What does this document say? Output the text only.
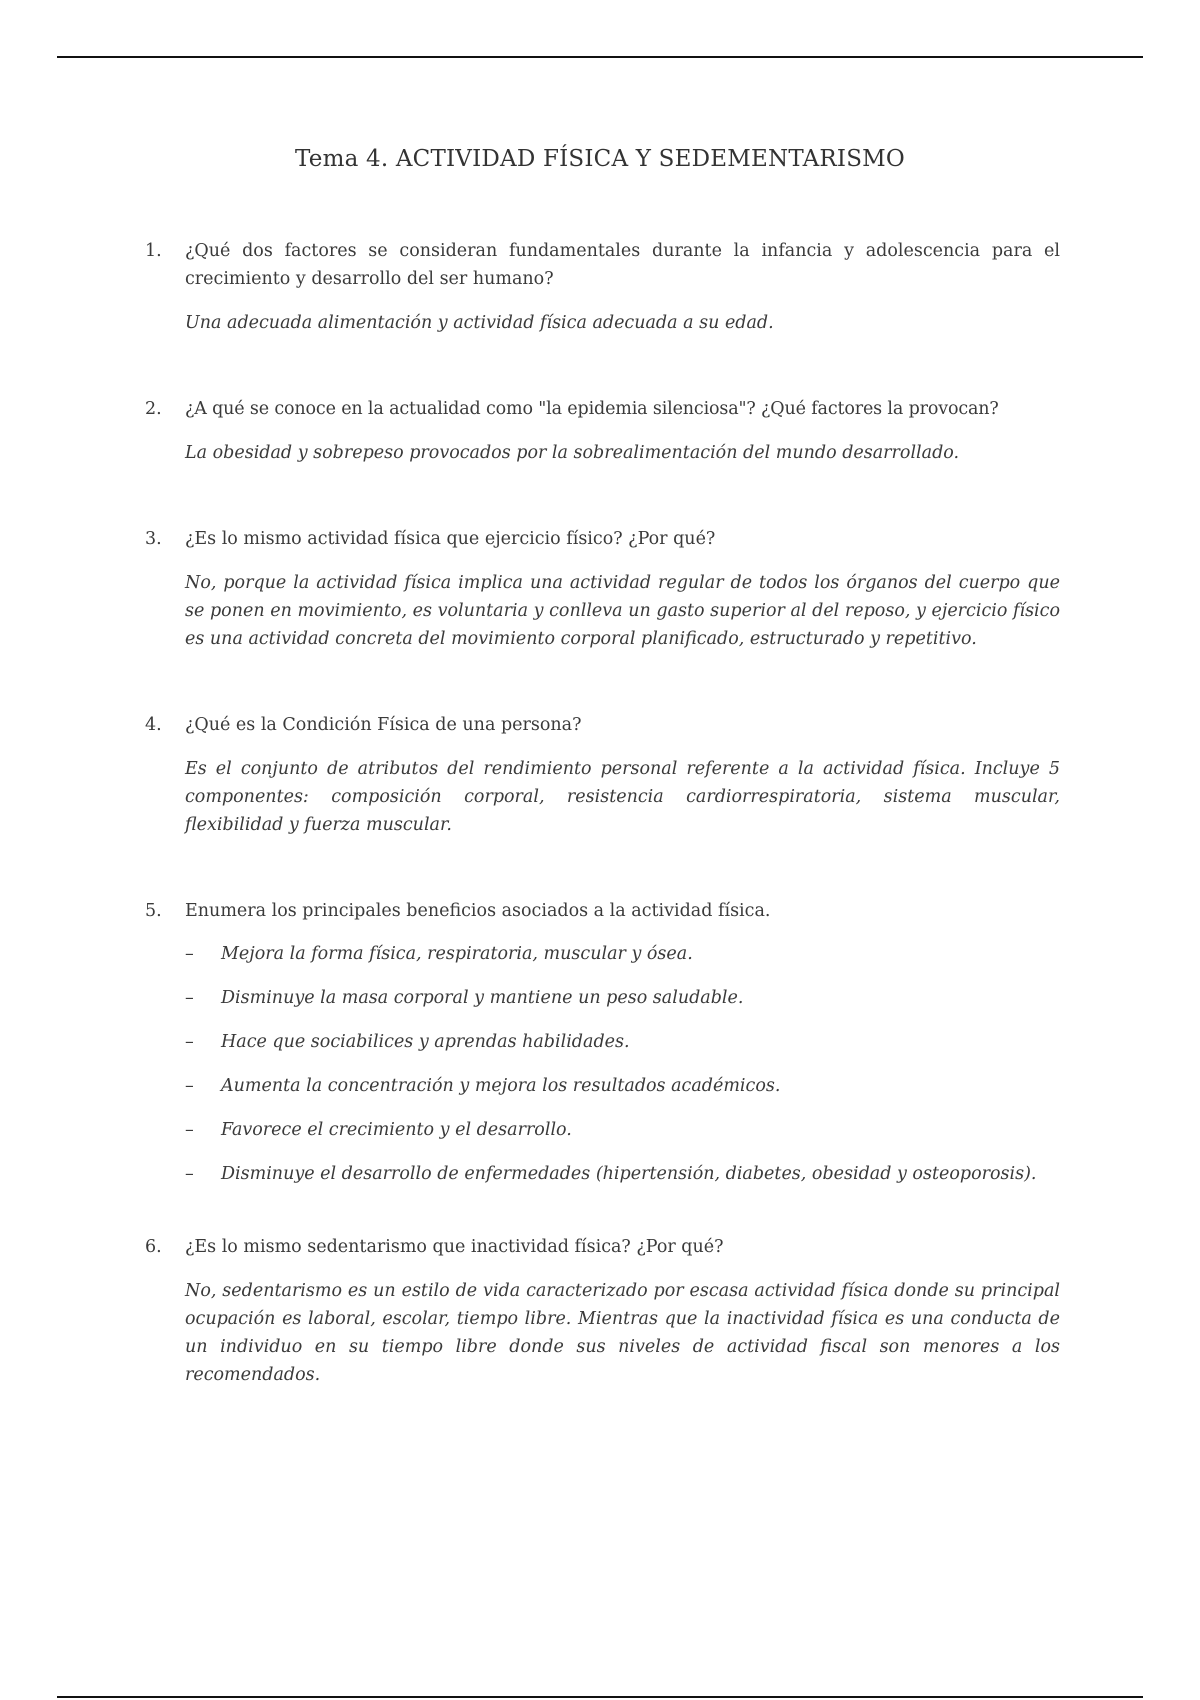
Tema 4. ACTIVIDAD FÍSICA Y SEDEMENTARISMO
1. ¿Qué dos factores se consideran fundamentales durante la infancia y adolescencia para el crecimiento y desarrollo del ser humano?
Una adecuada alimentación y actividad física adecuada a su edad.
2. ¿A qué se conoce en la actualidad como "la epidemia silenciosa"? ¿Qué factores la provocan?
La obesidad y sobrepeso provocados por la sobrealimentación del mundo desarrollado.
3. ¿Es lo mismo actividad física que ejercicio físico? ¿Por qué?
No, porque la actividad física implica una actividad regular de todos los órganos del cuerpo que se ponen en movimiento, es voluntaria y conlleva un gasto superior al del reposo, y ejercicio físico es una actividad concreta del movimiento corporal planificado, estructurado y repetitivo.
4. ¿Qué es la Condición Física de una persona?
Es el conjunto de atributos del rendimiento personal referente a la actividad física. Incluye 5 componentes: composición corporal, resistencia cardiorrespiratoria, sistema muscular, flexibilidad y fuerza muscular.
5. Enumera los principales beneficios asociados a la actividad física.
– Mejora la forma física, respiratoria, muscular y ósea.
– Disminuye la masa corporal y mantiene un peso saludable.
– Hace que sociabilices y aprendas habilidades.
– Aumenta la concentración y mejora los resultados académicos.
– Favorece el crecimiento y el desarrollo.
– Disminuye el desarrollo de enfermedades (hipertensión, diabetes, obesidad y osteoporosis).
6. ¿Es lo mismo sedentarismo que inactividad física? ¿Por qué?
No, sedentarismo es un estilo de vida caracterizado por escasa actividad física donde su principal ocupación es laboral, escolar, tiempo libre. Mientras que la inactividad física es una conducta de un individuo en su tiempo libre donde sus niveles de actividad fiscal son menores a los recomendados.
